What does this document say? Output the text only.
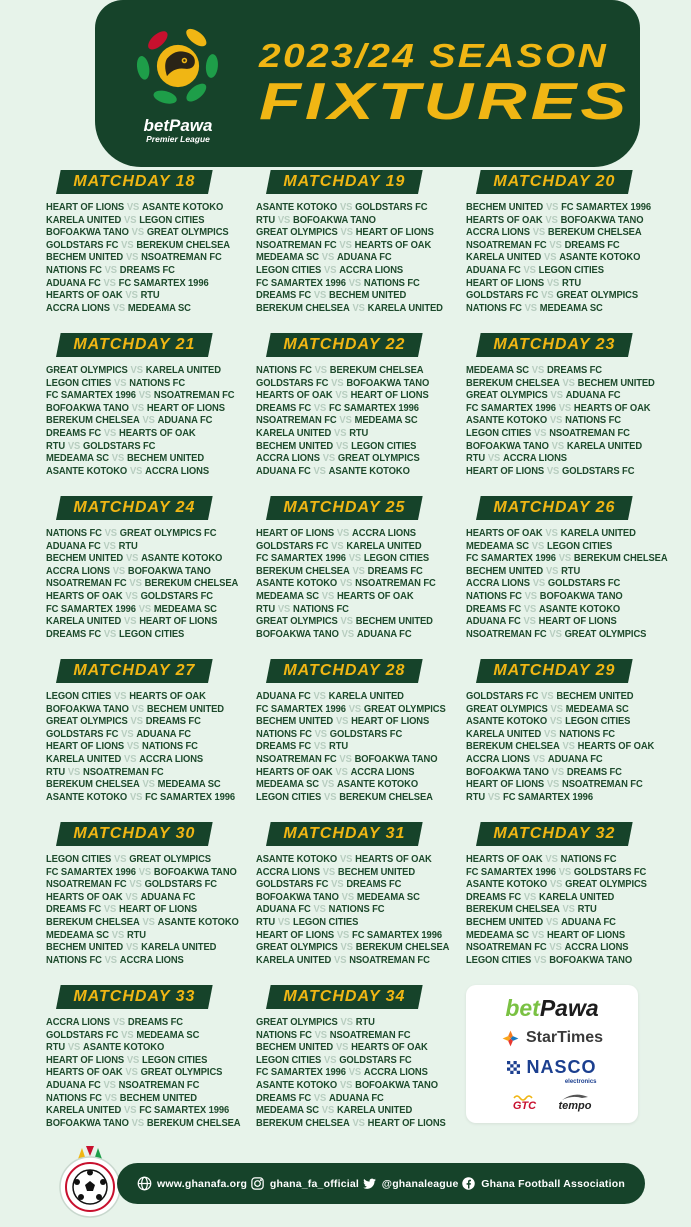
betPawa
Premier League
2023/24 SEASON
FIXTURES
betPawa
StarTimes
NASCO
electronics
GTC tempo
MATCHDAY 18
HEART OF LIONS VS ASANTE KOTOKO
KARELA UNITED VS LEGON CITIES
BOFOAKWA TANO VS GREAT OLYMPICS
GOLDSTARS FC VS BEREKUM CHELSEA
BECHEM UNITED VS NSOATREMAN FC
NATIONS FC VS DREAMS FC
ADUANA FC VS FC SAMARTEX 1996
HEARTS OF OAK VS RTU
ACCRA LIONS VS MEDEAMA SC
MATCHDAY 19
ASANTE KOTOKO VS GOLDSTARS FC
RTU VS BOFOAKWA TANO
GREAT OLYMPICS VS HEART OF LIONS
NSOATREMAN FC VS HEARTS OF OAK
MEDEAMA SC VS ADUANA FC
LEGON CITIES VS ACCRA LIONS
FC SAMARTEX 1996 VS NATIONS FC
DREAMS FC VS BECHEM UNITED
BEREKUM CHELSEA VS KARELA UNITED
MATCHDAY 20
BECHEM UNITED VS FC SAMARTEX 1996
HEARTS OF OAK VS BOFOAKWA TANO
ACCRA LIONS VS BEREKUM CHELSEA
NSOATREMAN FC VS DREAMS FC
KARELA UNITED VS ASANTE KOTOKO
ADUANA FC VS LEGON CITIES
HEART OF LIONS VS RTU
GOLDSTARS FC VS GREAT OLYMPICS
NATIONS FC VS MEDEAMA SC
MATCHDAY 21
GREAT OLYMPICS VS KARELA UNITED
LEGON CITIES VS NATIONS FC
FC SAMARTEX 1996 VS NSOATREMAN FC
BOFOAKWA TANO VS HEART OF LIONS
BEREKUM CHELSEA VS ADUANA FC
DREAMS FC VS HEARTS OF OAK
RTU VS GOLDSTARS FC
MEDEAMA SC VS BECHEM UNITED
ASANTE KOTOKO VS ACCRA LIONS
MATCHDAY 22
NATIONS FC VS BEREKUM CHELSEA
GOLDSTARS FC VS BOFOAKWA TANO
HEARTS OF OAK VS HEART OF LIONS
DREAMS FC VS FC SAMARTEX 1996
NSOATREMAN FC VS MEDEAMA SC
KARELA UNITED VS RTU
BECHEM UNITED VS LEGON CITIES
ACCRA LIONS VS GREAT OLYMPICS
ADUANA FC VS ASANTE KOTOKO
MATCHDAY 23
MEDEAMA SC VS DREAMS FC
BEREKUM CHELSEA VS BECHEM UNITED
GREAT OLYMPICS VS ADUANA FC
FC SAMARTEX 1996 VS HEARTS OF OAK
ASANTE KOTOKO VS NATIONS FC
LEGON CITIES VS NSOATREMAN FC
BOFOAKWA TANO VS KARELA UNITED
RTU VS ACCRA LIONS
HEART OF LIONS VS GOLDSTARS FC
MATCHDAY 24
NATIONS FC VS GREAT OLYMPICS FC
ADUANA FC VS RTU
BECHEM UNITED VS ASANTE KOTOKO
ACCRA LIONS VS BOFOAKWA TANO
NSOATREMAN FC VS BEREKUM CHELSEA
HEARTS OF OAK VS GOLDSTARS FC
FC SAMARTEX 1996 VS MEDEAMA SC
KARELA UNITED VS HEART OF LIONS
DREAMS FC VS LEGON CITIES
MATCHDAY 25
HEART OF LIONS VS ACCRA LIONS
GOLDSTARS FC VS KARELA UNITED
FC SAMARTEX 1996 VS LEGON CITIES
BEREKUM CHELSEA VS DREAMS FC
ASANTE KOTOKO VS NSOATREMAN FC
MEDEAMA SC VS HEARTS OF OAK
RTU VS NATIONS FC
GREAT OLYMPICS VS BECHEM UNITED
BOFOAKWA TANO VS ADUANA FC
MATCHDAY 26
HEARTS OF OAK VS KARELA UNITED
MEDEAMA SC VS LEGON CITIES
FC SAMARTEX 1996 VS BEREKUM CHELSEA
BECHEM UNITED VS RTU
ACCRA LIONS VS GOLDSTARS FC
NATIONS FC VS BOFOAKWA TANO
DREAMS FC VS ASANTE KOTOKO
ADUANA FC VS HEART OF LIONS
NSOATREMAN FC VS GREAT OLYMPICS
MATCHDAY 27
LEGON CITIES VS HEARTS OF OAK
BOFOAKWA TANO VS BECHEM UNITED
GREAT OLYMPICS VS DREAMS FC
GOLDSTARS FC VS ADUANA FC
HEART OF LIONS VS NATIONS FC
KARELA UNITED VS ACCRA LIONS
RTU VS NSOATREMAN FC
BEREKUM CHELSEA VS MEDEAMA SC
ASANTE KOTOKO VS FC SAMARTEX 1996
MATCHDAY 28
ADUANA FC VS KARELA UNITED
FC SAMARTEX 1996 VS GREAT OLYMPICS
BECHEM UNITED VS HEART OF LIONS
NATIONS FC VS GOLDSTARS FC
DREAMS FC VS RTU
NSOATREMAN FC VS BOFOAKWA TANO
HEARTS OF OAK VS ACCRA LIONS
MEDEAMA SC VS ASANTE KOTOKO
LEGON CITIES VS BEREKUM CHELSEA
MATCHDAY 29
GOLDSTARS FC VS BECHEM UNITED
GREAT OLYMPICS VS MEDEAMA SC
ASANTE KOTOKO VS LEGON CITIES
KARELA UNITED VS NATIONS FC
BEREKUM CHELSEA VS HEARTS OF OAK
ACCRA LIONS VS ADUANA FC
BOFOAKWA TANO VS DREAMS FC
HEART OF LIONS VS NSOATREMAN FC
RTU VS FC SAMARTEX 1996
MATCHDAY 30
LEGON CITIES VS GREAT OLYMPICS
FC SAMARTEX 1996 VS BOFOAKWA TANO
NSOATREMAN FC VS GOLDSTARS FC
HEARTS OF OAK VS ADUANA FC
DREAMS FC VS HEART OF LIONS
BEREKUM CHELSEA VS ASANTE KOTOKO
MEDEAMA SC VS RTU
BECHEM UNITED VS KARELA UNITED
NATIONS FC VS ACCRA LIONS
MATCHDAY 31
ASANTE KOTOKO VS HEARTS OF OAK
ACCRA LIONS VS BECHEM UNITED
GOLDSTARS FC VS DREAMS FC
BOFOAKWA TANO VS MEDEAMA SC
ADUANA FC VS NATIONS FC
RTU VS LEGON CITIES
HEART OF LIONS VS FC SAMARTEX 1996
GREAT OLYMPICS VS BEREKUM CHELSEA
KARELA UNITED VS NSOATREMAN FC
MATCHDAY 32
HEARTS OF OAK VS NATIONS FC
FC SAMARTEX 1996 VS GOLDSTARS FC
ASANTE KOTOKO VS GREAT OLYMPICS
DREAMS FC VS KARELA UNITED
BEREKUM CHELSEA VS RTU
BECHEM UNITED VS ADUANA FC
MEDEAMA SC VS HEART OF LIONS
NSOATREMAN FC VS ACCRA LIONS
LEGON CITIES VS BOFOAKWA TANO
MATCHDAY 33
ACCRA LIONS VS DREAMS FC
GOLDSTARS FC VS MEDEAMA SC
RTU VS ASANTE KOTOKO
HEART OF LIONS VS LEGON CITIES
HEARTS OF OAK VS GREAT OLYMPICS
ADUANA FC VS NSOATREMAN FC
NATIONS FC VS BECHEM UNITED
KARELA UNITED VS FC SAMARTEX 1996
BOFOAKWA TANO VS BEREKUM CHELSEA
MATCHDAY 34
GREAT OLYMPICS VS RTU
NATIONS FC VS NSOATREMAN FC
BECHEM UNITED VS HEARTS OF OAK
LEGON CITIES VS GOLDSTARS FC
FC SAMARTEX 1996 VS ACCRA LIONS
ASANTE KOTOKO VS BOFOAKWA TANO
DREAMS FC VS ADUANA FC
MEDEAMA SC VS KARELA UNITED
BEREKUM CHELSEA VS HEART OF LIONS
www.ghanafa.org ghana_fa_official @ghanaleague Ghana Football Association
